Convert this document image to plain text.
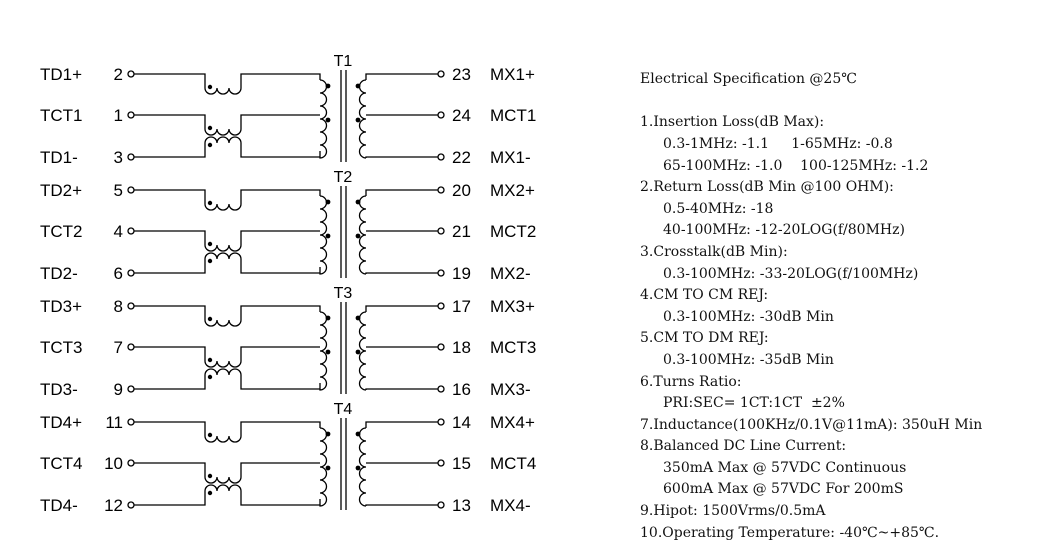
T1
TD1+ 2
TCT1 1
TD1- 3
23 MX1+
24 MCT1
22 MX1-
T2
TD2+ 5
TCT2 4
TD2- 6
20 MX2+
21 MCT2
19 MX2-
T3
TD3+ 8
TCT3 7
TD3- 9
17 MX3+
18 MCT3
16 MX3-
T4
TD4+ 11
TCT4 10
TD4- 12
14 MX4+
15 MCT4
13 MX4-

Electrical Specification @25℃

1.Insertion Loss(dB Max):
0.3-1MHz: -1.1     1-65MHz: -0.8
65-100MHz: -1.0    100-125MHz: -1.2
2.Return Loss(dB Min @100 OHM):
0.5-40MHz: -18
40-100MHz: -12-20LOG(f/80MHz)
3.Crosstalk(dB Min):
0.3-100MHz: -33-20LOG(f/100MHz)
4.CM TO CM REJ:
0.3-100MHz: -30dB Min
5.CM TO DM REJ:
0.3-100MHz: -35dB Min
6.Turns Ratio:
PRI:SEC= 1CT:1CT  ±2%
7.Inductance(100KHz/0.1V@11mA): 350uH Min
8.Balanced DC Line Current:
350mA Max @ 57VDC Continuous
600mA Max @ 57VDC For 200mS
9.Hipot: 1500Vrms/0.5mA
10.Operating Temperature: -40℃~+85℃.
